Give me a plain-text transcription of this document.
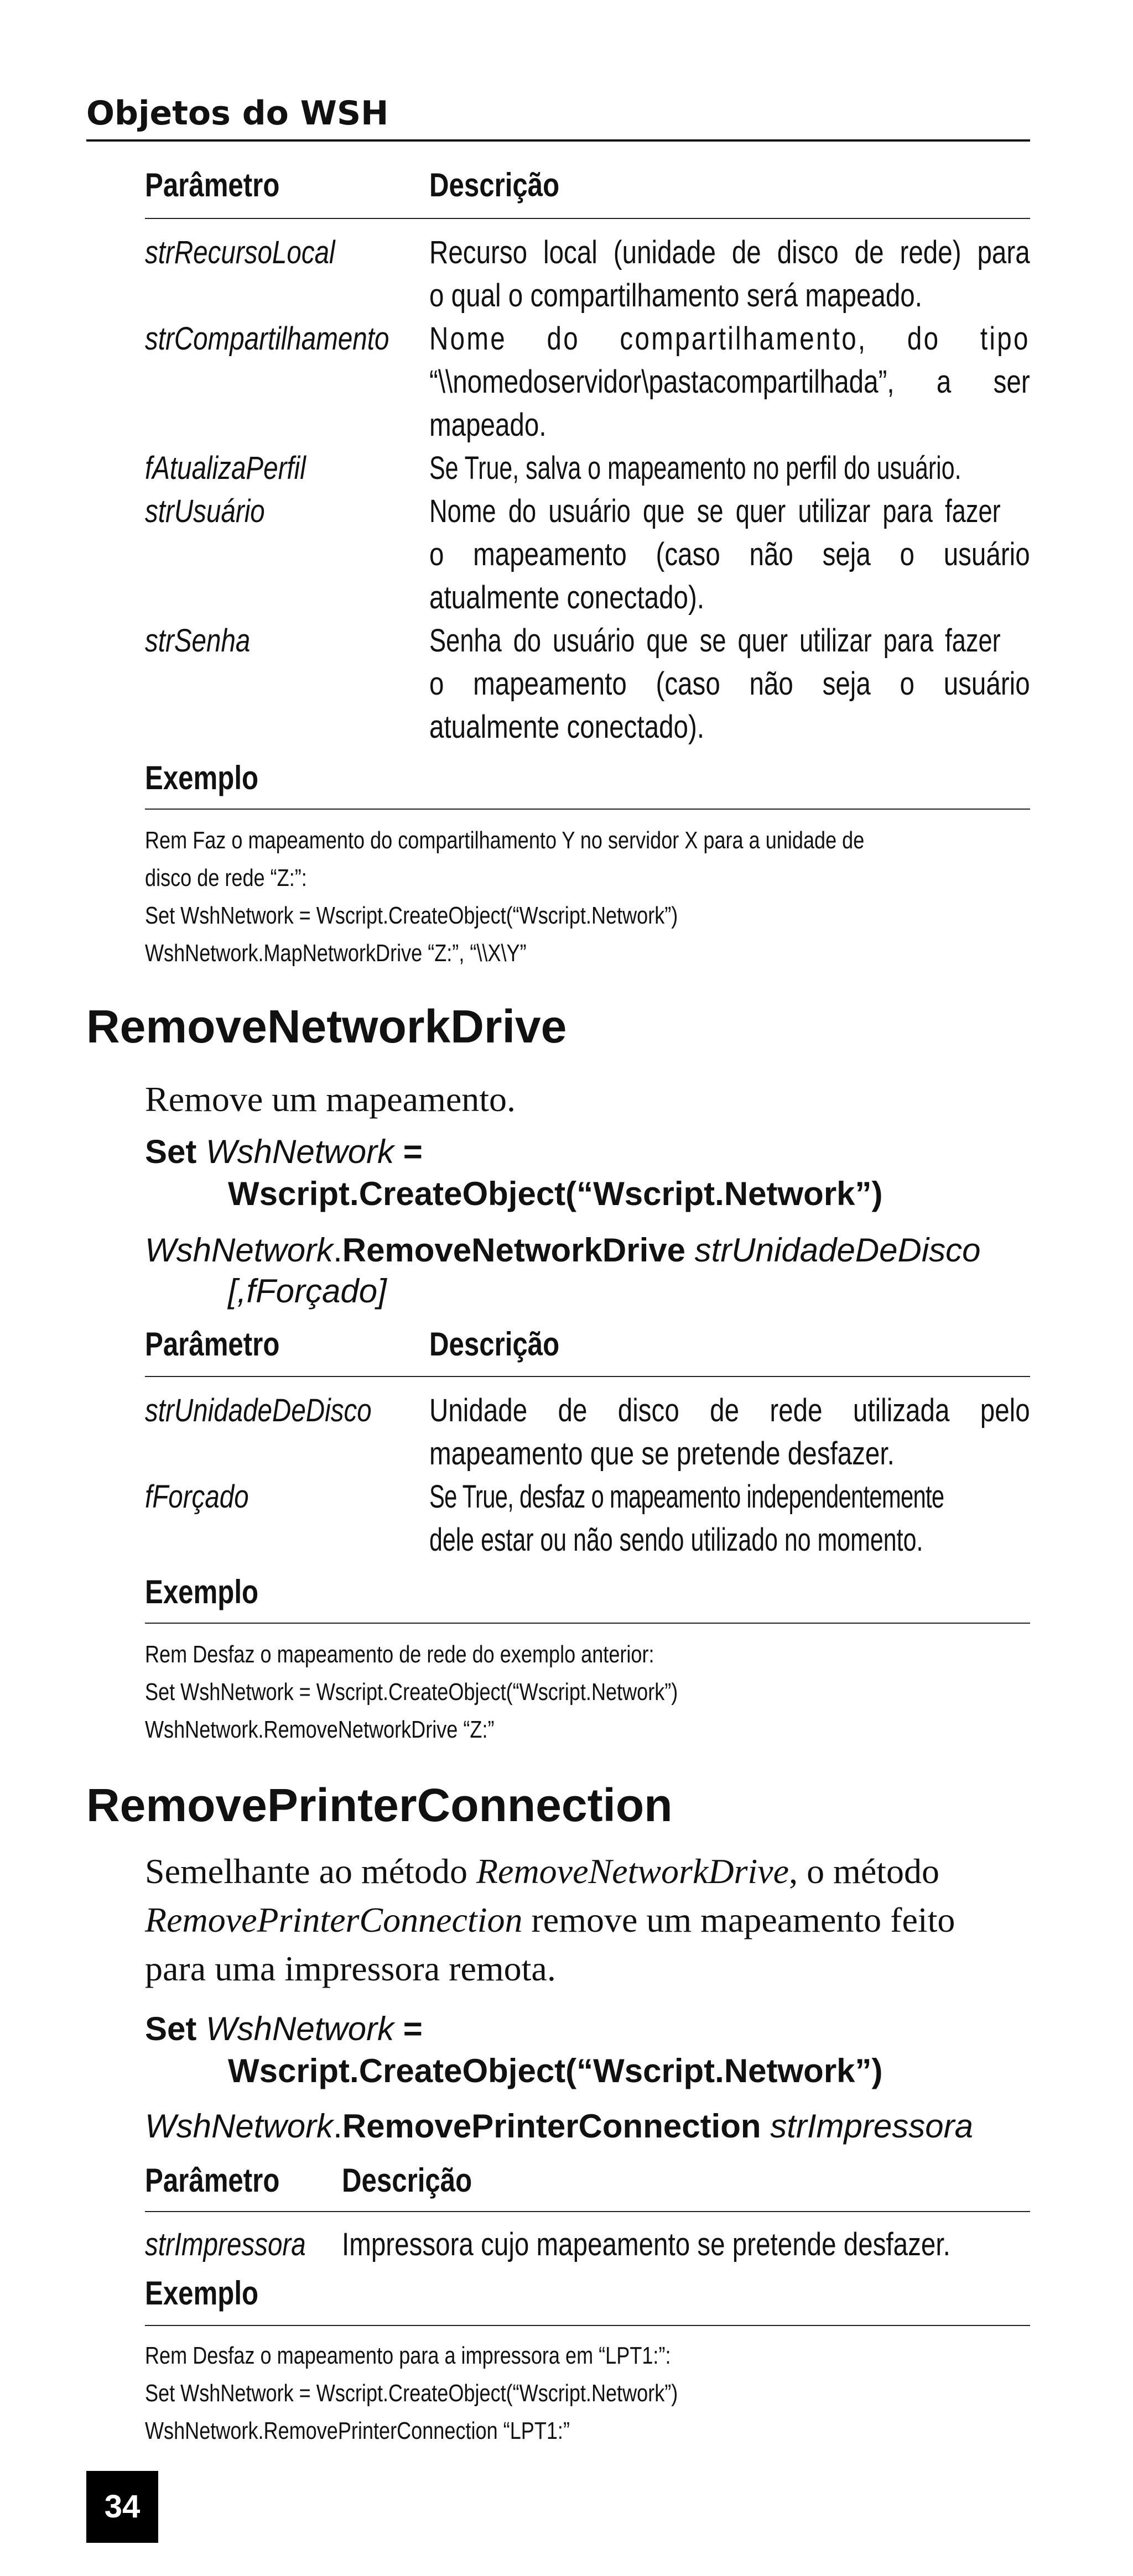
Objetos do WSH
Parâmetro	Descrição
strRecursoLocal	Recurso local (unidade de disco de rede) para
o qual o compartilhamento será mapeado.
strCompartilhamento Nome do compartilhamento, do tipo
“\\nomedoservidor\pastacompartilhada”, a ser
mapeado.
fAtualizaPerfil	Se True, salva o mapeamento no perfil do usuário.
strUsuário	Nome do usuário que se quer utilizar para fazer
o mapeamento (caso não seja o usuário
atualmente conectado).
strSenha	Senha do usuário que se quer utilizar para fazer
o mapeamento (caso não seja o usuário
atualmente conectado).
Exemplo
Rem Faz o mapeamento do compartilhamento Y no servidor X para a unidade de
disco de rede “Z:”:
Set WshNetwork = Wscript.CreateObject(“Wscript.Network”)
WshNetwork.MapNetworkDrive “Z:”, “\\X\Y”
RemoveNetworkDrive
Remove um mapeamento.
Set WshNetwork =
Wscript.CreateObject(“Wscript.Network”)
WshNetwork.RemoveNetworkDrive strUnidadeDeDisco
[,fForçado]
Parâmetro	Descrição
strUnidadeDeDisco Unidade de disco de rede utilizada pelo
mapeamento que se pretende desfazer.
fForçado	Se True, desfaz o mapeamento independentemente
dele estar ou não sendo utilizado no momento.
Exemplo
Rem Desfaz o mapeamento de rede do exemplo anterior:
Set WshNetwork = Wscript.CreateObject(“Wscript.Network”)
WshNetwork.RemoveNetworkDrive “Z:”
RemovePrinterConnection
Semelhante ao método RemoveNetworkDrive, o método
RemovePrinterConnection remove um mapeamento feito
para uma impressora remota.
Set WshNetwork =
Wscript.CreateObject(“Wscript.Network”)
WshNetwork.RemovePrinterConnection strImpressora
Parâmetro Descrição
strImpressora Impressora cujo mapeamento se pretende desfazer.
Exemplo
Rem Desfaz o mapeamento para a impressora em “LPT1:”:
Set WshNetwork = Wscript.CreateObject(“Wscript.Network”)
WshNetwork.RemovePrinterConnection “LPT1:”
34
